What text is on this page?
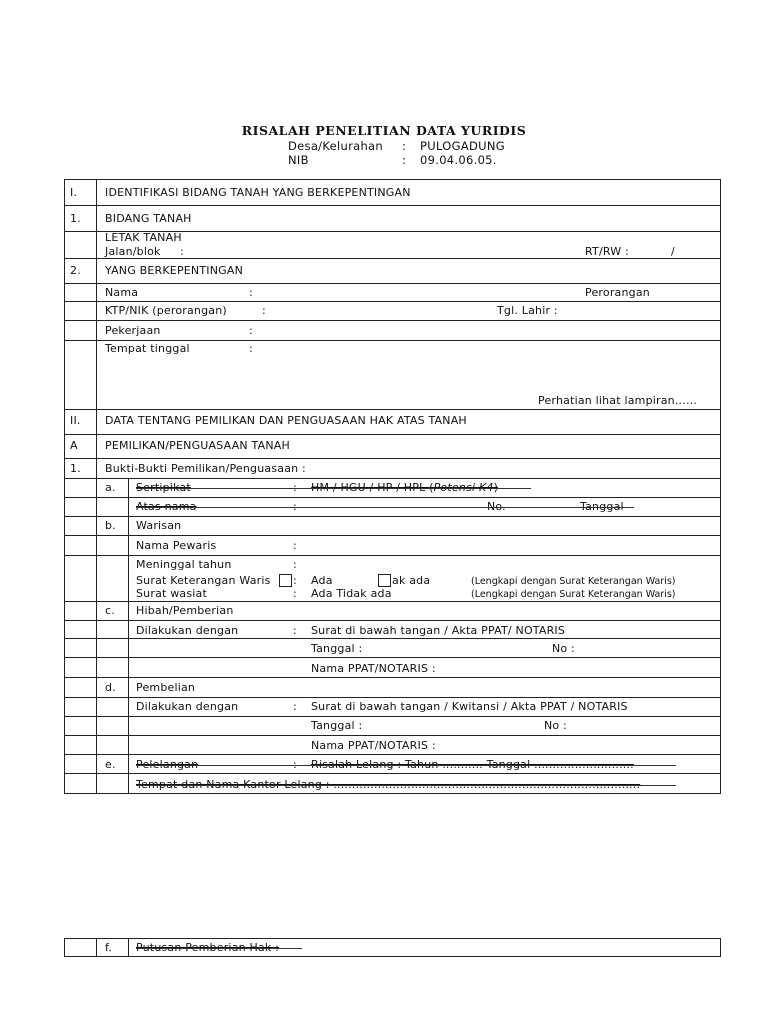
RISALAH PENELITIAN DATA YURIDIS
Desa/Kelurahan : PULOGADUNG
NIB	: 09.04.06.05.
I.	IDENTIFIKASI BIDANG TANAH YANG BERKEPENTINGAN
1. BIDANG TANAH
LETAK TANAH
Jalan/blok :	RT/RW :	/
2. YANG BERKEPENTINGAN
Nama	:	Perorangan
KTP/NIK (perorangan)	:	Tgl. Lahir :
Pekerjaan	:
Tempat tinggal	:
Perhatian lihat lampiran......
II. DATA TENTANG PEMILIKAN DAN PENGUASAAN HAK ATAS TANAH
A PEMILIKAN/PENGUASAAN TANAH
1. Bukti-Bukti Pemilikan/Penguasaan :
a. Sertipikat	: HM / HGU / HP / HPL (Potensi K4)
Atas nama	:	No.	Tanggal
b. Warisan
Nama Pewaris	:
Meninggal tahun	:
Surat Keterangan Waris : Ada	ak ada	(Lengkapi dengan Surat Keterangan Waris)
Surat wasiat	: Ada Tidak ada	(Lengkapi dengan Surat Keterangan Waris)
c. Hibah/Pemberian
Dilakukan dengan	: Surat di bawah tangan / Akta PPAT/ NOTARIS
Tanggal :	No :
Nama PPAT/NOTARIS :
d. Pembelian
Dilakukan dengan	: Surat di bawah tangan / Kwitansi / Akta PPAT / NOTARIS
Tanggal :	No :
Nama PPAT/NOTARIS :
e. Pelelangan	: Risalah Lelang : Tahun ........... Tanggal ...........................
Tempat dan Nama Kantor Lelang : ...................................................................................
f. Putusan Pemberian Hak :
